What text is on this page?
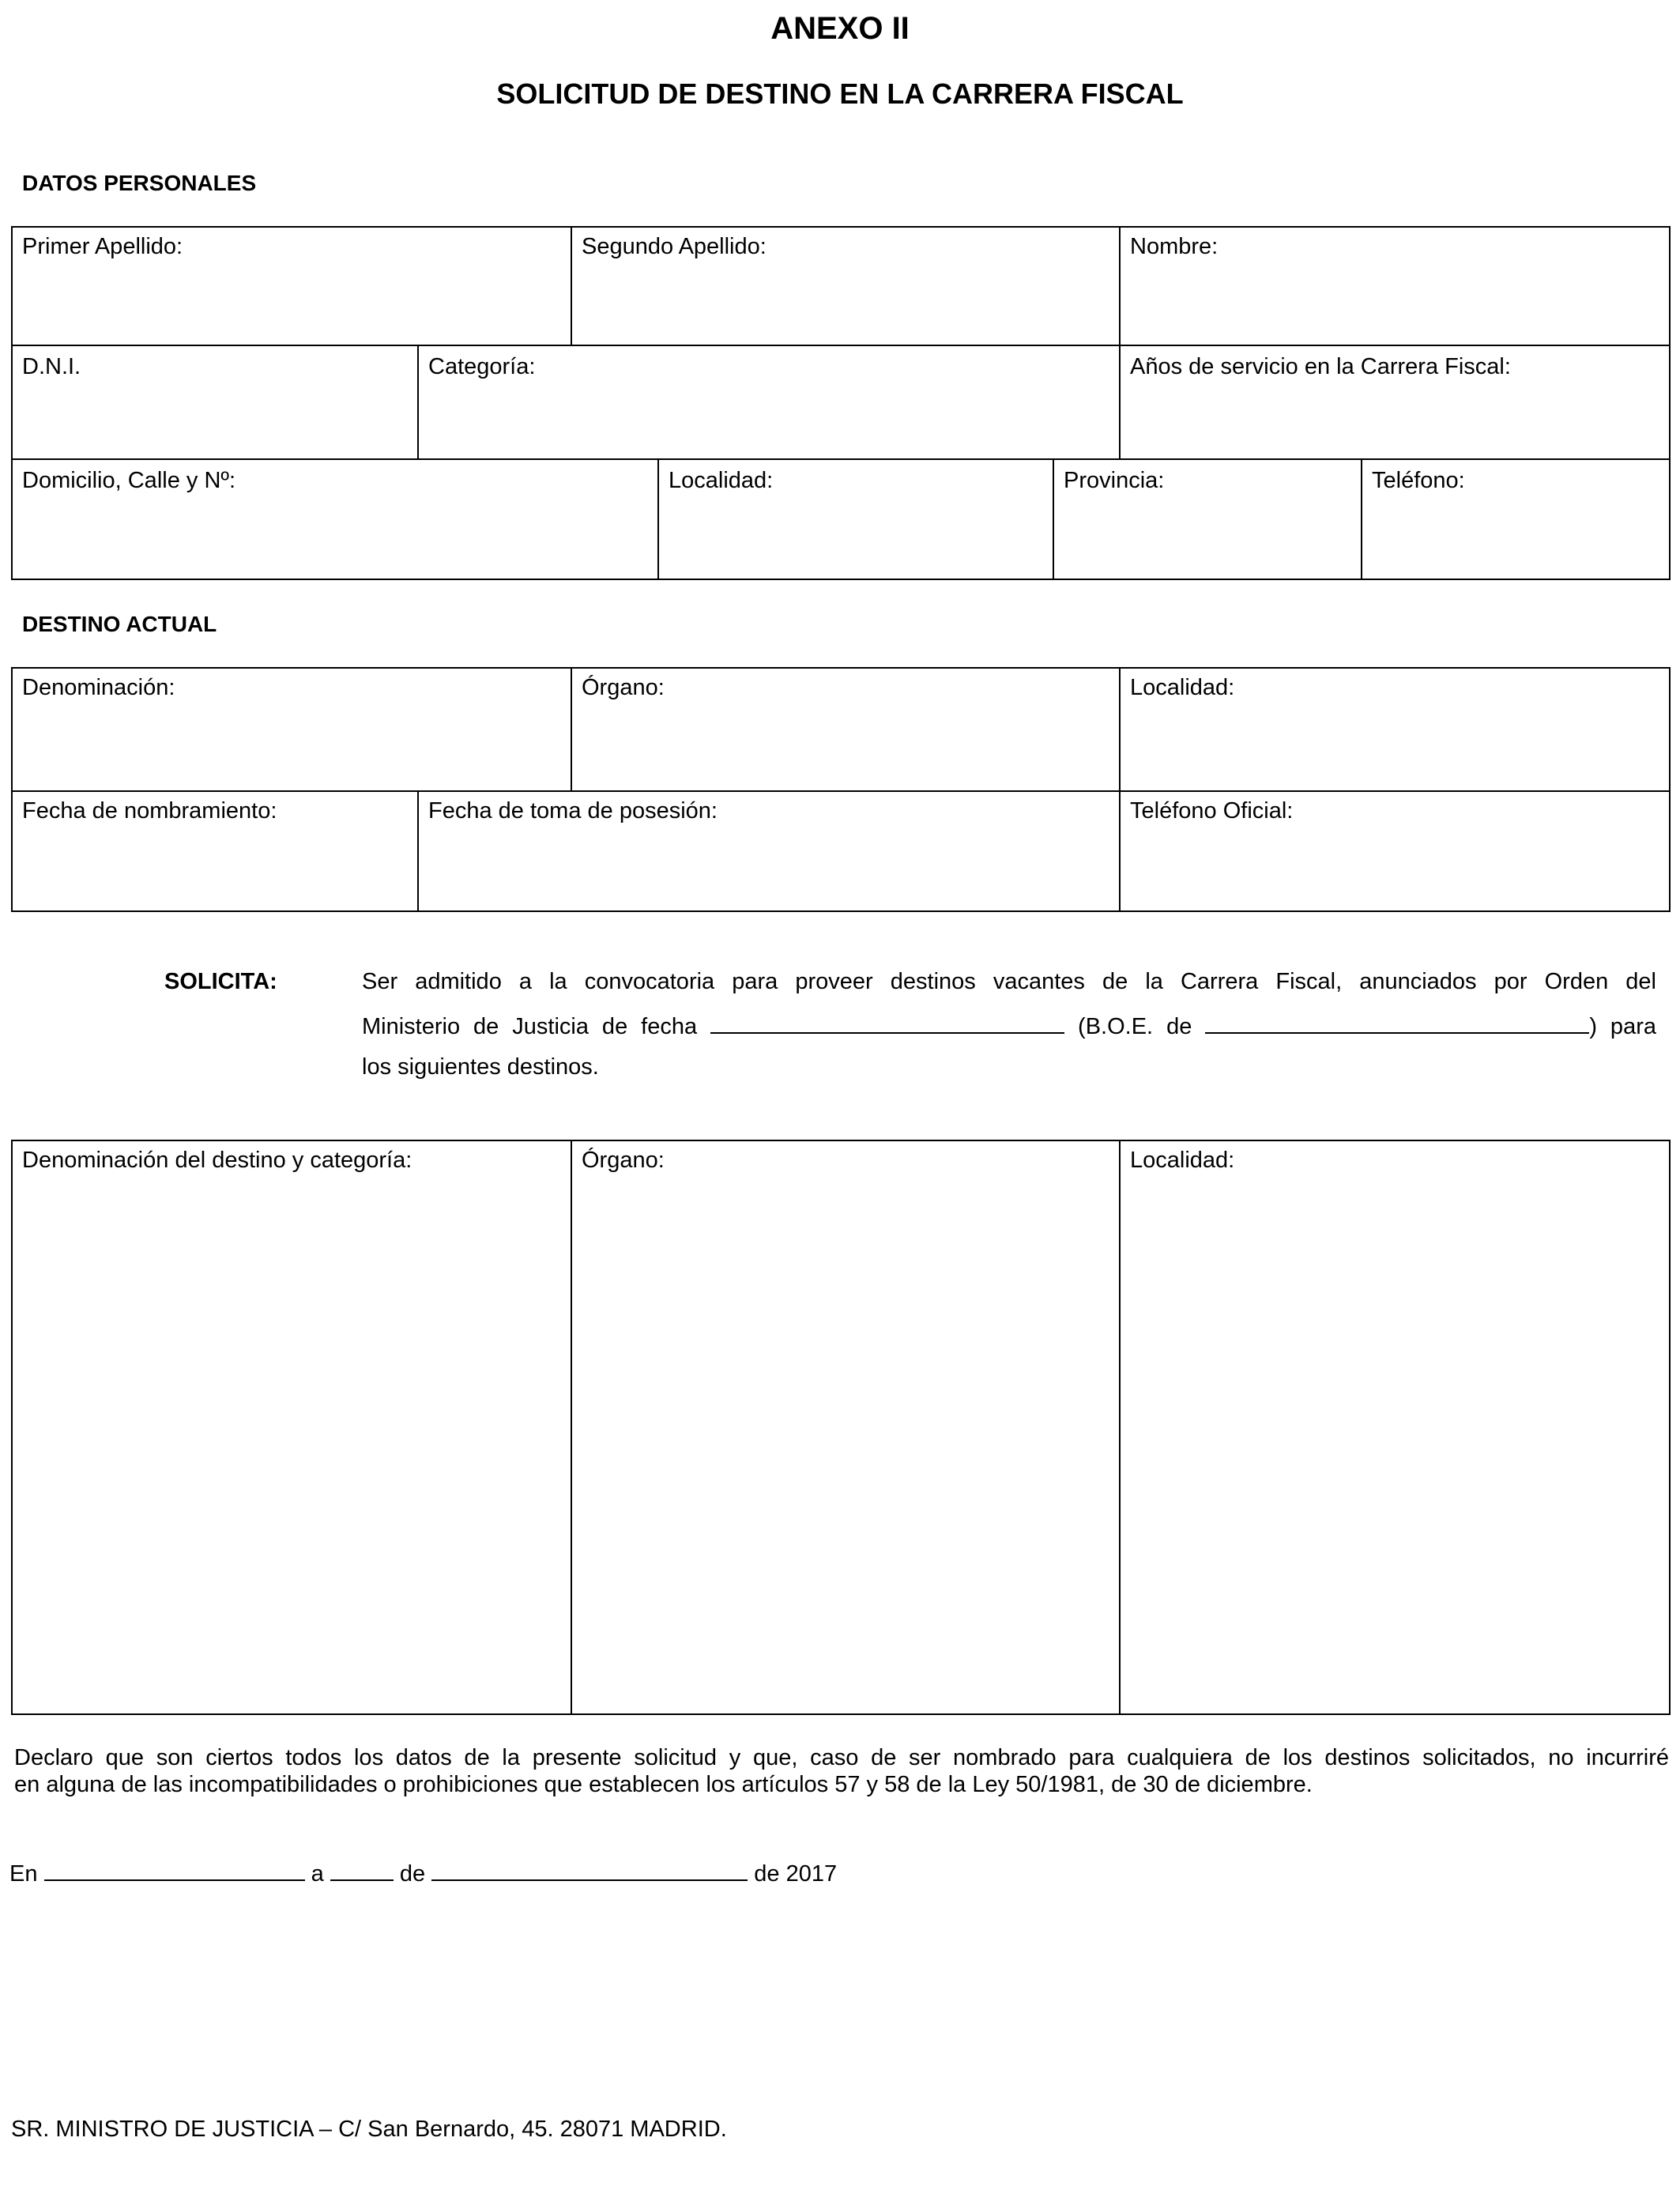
ANEXO II
SOLICITUD DE DESTINO EN LA CARRERA FISCAL
DATOS PERSONALES
Primer Apellido:	Segundo Apellido:	Nombre:
D.N.I.	Categoría:	Años de servicio en la Carrera Fiscal:
Domicilio, Calle y Nº:	Localidad:	Provincia:	Teléfono:
DESTINO ACTUAL
Denominación:	Órgano:	Localidad:
Fecha de nombramiento:	Fecha de toma de posesión:	Teléfono Oficial:
SOLICITA:	Ser admitido a la convocatoria para proveer destinos vacantes de la Carrera Fiscal, anunciados por Orden del
Ministerio de Justicia de fecha	(B.O.E. de	) para
los siguientes destinos.
Denominación del destino y categoría:	Órgano:	Localidad:
Declaro que son ciertos todos los datos de la presente solicitud y que, caso de ser nombrado para cualquiera de los destinos solicitados, no incurriré
en alguna de las incompatibilidades o prohibiciones que establecen los artículos 57 y 58 de la Ley 50/1981, de 30 de diciembre.
En	a	de	de 2017
SR. MINISTRO DE JUSTICIA – C/ San Bernardo, 45. 28071 MADRID.
